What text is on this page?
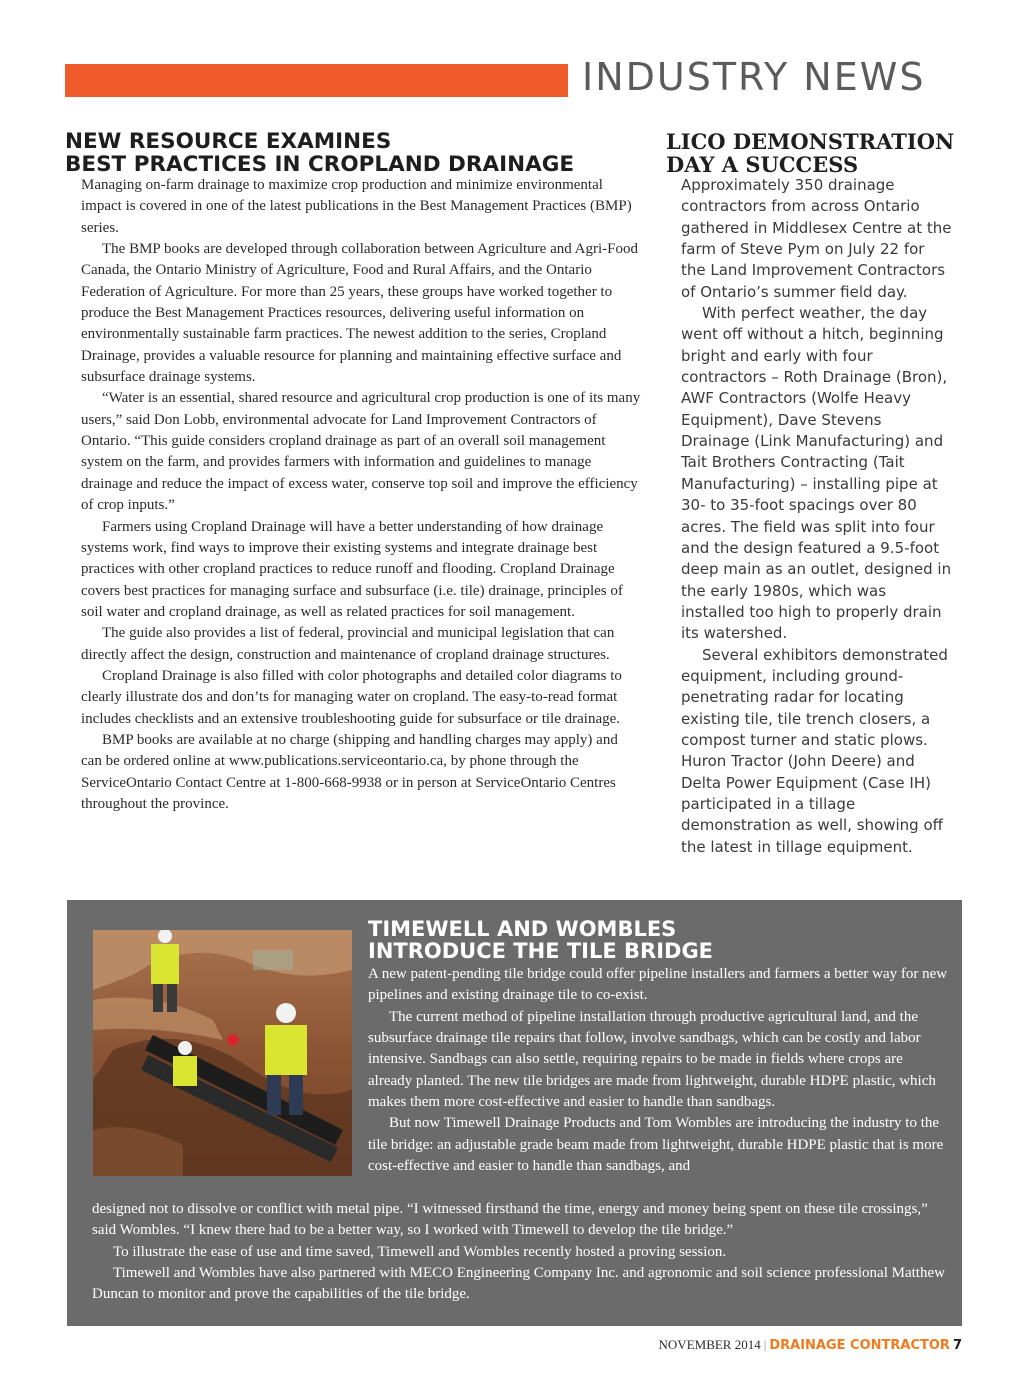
INDUSTRY NEWS
NEW RESOURCE EXAMINES
BEST PRACTICES IN CROPLAND DRAINAGE

Managing on-farm drainage to maximize crop production and minimize environmental impact is covered in one of the latest publications in the Best Management Practices (BMP) series.

The BMP books are developed through collaboration between Agriculture and Agri-Food Canada, the Ontario Ministry of Agriculture, Food and Rural Affairs, and the Ontario Federation of Agriculture. For more than 25 years, these groups have worked together to produce the Best Management Practices resources, delivering useful information on environmentally sustainable farm practices. The newest addition to the series, Cropland Drainage, provides a valuable resource for planning and maintaining effective surface and subsurface drainage systems.

“Water is an essential, shared resource and agricultural crop production is one of its many users,” said Don Lobb, environmental advocate for Land Improvement Contractors of Ontario. “This guide considers cropland drainage as part of an overall soil management system on the farm, and provides farmers with information and guidelines to manage drainage and reduce the impact of excess water, conserve top soil and improve the efficiency of crop inputs.”

Farmers using Cropland Drainage will have a better understanding of how drainage systems work, find ways to improve their existing systems and integrate drainage best practices with other cropland practices to reduce runoff and flooding. Cropland Drainage covers best practices for managing surface and subsurface (i.e. tile) drainage, principles of soil water and cropland drainage, as well as related practices for soil management.

The guide also provides a list of federal, provincial and municipal legislation that can directly affect the design, construction and maintenance of cropland drainage structures.

Cropland Drainage is also filled with color photographs and detailed color diagrams to clearly illustrate dos and don’ts for managing water on cropland. The easy-to-read format includes checklists and an extensive troubleshooting guide for subsurface or tile drainage.

BMP books are available at no charge (shipping and handling charges may apply) and can be ordered online at www.publications.serviceontario.ca, by phone through the ServiceOntario Contact Centre at 1-800-668-9938 or in person at ServiceOntario Centres throughout the province.

LICO DEMONSTRATION
DAY A SUCCESS

Approximately 350 drainage contractors from across Ontario gathered in Middlesex Centre at the farm of Steve Pym on July 22 for the Land Improvement Contractors of Ontario’s summer field day.

With perfect weather, the day went off without a hitch, beginning bright and early with four contractors – Roth Drainage (Bron), AWF Contractors (Wolfe Heavy Equipment), Dave Stevens Drainage (Link Manufacturing) and Tait Brothers Contracting (Tait Manufacturing) – installing pipe at 30- to 35-foot spacings over 80 acres. The field was split into four and the design featured a 9.5-foot deep main as an outlet, designed in the early 1980s, which was installed too high to properly drain its watershed.

Several exhibitors demonstrated equipment, including ground-penetrating radar for locating existing tile, tile trench closers, a compost turner and static plows. Huron Tractor (John Deere) and Delta Power Equipment (Case IH) participated in a tillage demonstration as well, showing off the latest in tillage equipment.

TIMEWELL AND WOMBLES
INTRODUCE THE TILE BRIDGE

A new patent-pending tile bridge could offer pipeline installers and farmers a better way for new pipelines and existing drainage tile to co-exist.

The current method of pipeline installation through productive agricultural land, and the subsurface drainage tile repairs that follow, involve sandbags, which can be costly and labor intensive. Sandbags can also settle, requiring repairs to be made in fields where crops are already planted. The new tile bridges are made from lightweight, durable HDPE plastic, which makes them more cost-effective and easier to handle than sandbags.

But now Timewell Drainage Products and Tom Wombles are introducing the industry to the tile bridge: an adjustable grade beam made from lightweight, durable HDPE plastic that is more cost-effective and easier to handle than sandbags, and

designed not to dissolve or conflict with metal pipe. “I witnessed firsthand the time, energy and money being spent on these tile crossings,” said Wombles. “I knew there had to be a better way, so I worked with Timewell to develop the tile bridge.”

To illustrate the ease of use and time saved, Timewell and Wombles recently hosted a proving session.

Timewell and Wombles have also partnered with MECO Engineering Company Inc. and agronomic and soil science professional Matthew Duncan to monitor and prove the capabilities of the tile bridge.

NOVEMBER 2014 | DRAINAGE CONTRACTOR 7
